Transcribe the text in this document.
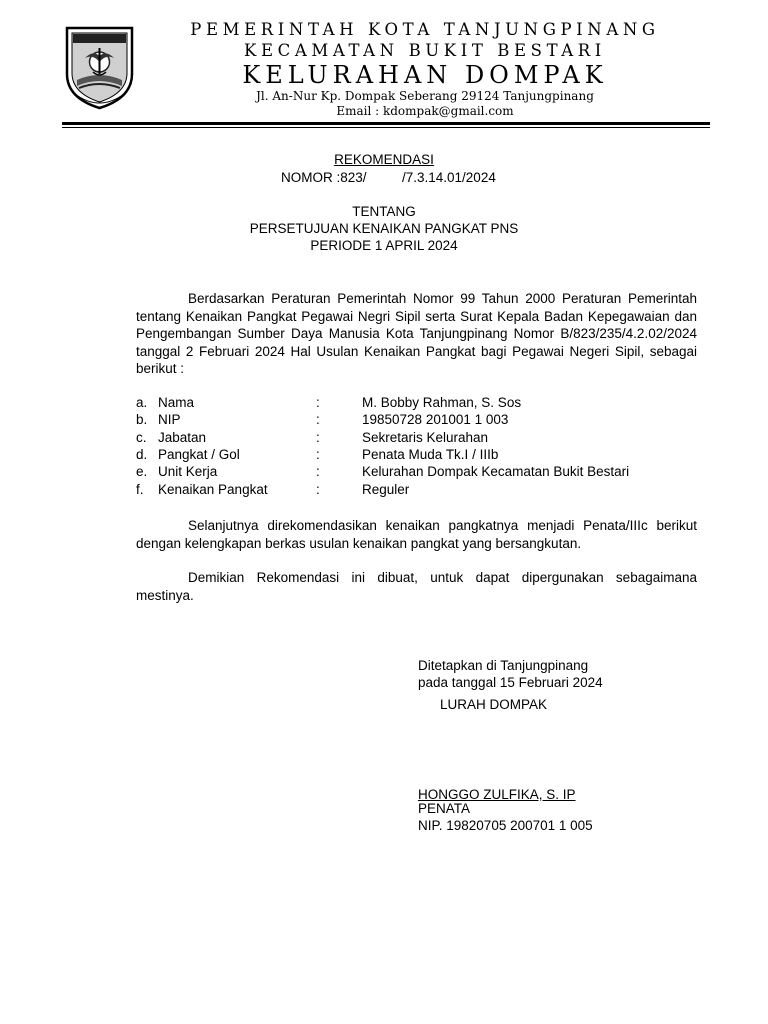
PEMERINTAH KOTA TANJUNGPINANG
KECAMATAN BUKIT BESTARI
KELURAHAN DOMPAK
Jl. An-Nur Kp. Dompak Seberang 29124 Tanjungpinang
Email : kdompak@gmail.com
REKOMENDASI
NOMOR :823/	/7.3.14.01/2024
TENTANG
PERSETUJUAN KENAIKAN PANGKAT PNS
PERIODE 1 APRIL 2024
Berdasarkan Peraturan Pemerintah Nomor 99 Tahun 2000 Peraturan Pemerintah tentang Kenaikan Pangkat Pegawai Negri Sipil serta Surat Kepala Badan Kepegawaian dan Pengembangan Sumber Daya Manusia Kota Tanjungpinang Nomor B/823/235/4.2.02/2024 tanggal 2 Februari 2024 Hal Usulan Kenaikan Pangkat bagi Pegawai Negeri Sipil, sebagai berikut :
a. Nama	:	M. Bobby Rahman, S. Sos
b. NIP	:	19850728 201001 1 003
c. Jabatan	:	Sekretaris Kelurahan
d. Pangkat / Gol	:	Penata Muda Tk.I / IIIb
e. Unit Kerja	:	Kelurahan Dompak Kecamatan Bukit Bestari
f. Kenaikan Pangkat	:	Reguler
Selanjutnya direkomendasikan kenaikan pangkatnya menjadi Penata/IIIc berikut dengan kelengkapan berkas usulan kenaikan pangkat yang bersangkutan.
Demikian Rekomendasi ini dibuat, untuk dapat dipergunakan sebagaimana mestinya.
Ditetapkan di Tanjungpinang
pada tanggal 15 Februari 2024
LURAH DOMPAK
HONGGO ZULFIKA, S. IP
PENATA
NIP. 19820705 200701 1 005
